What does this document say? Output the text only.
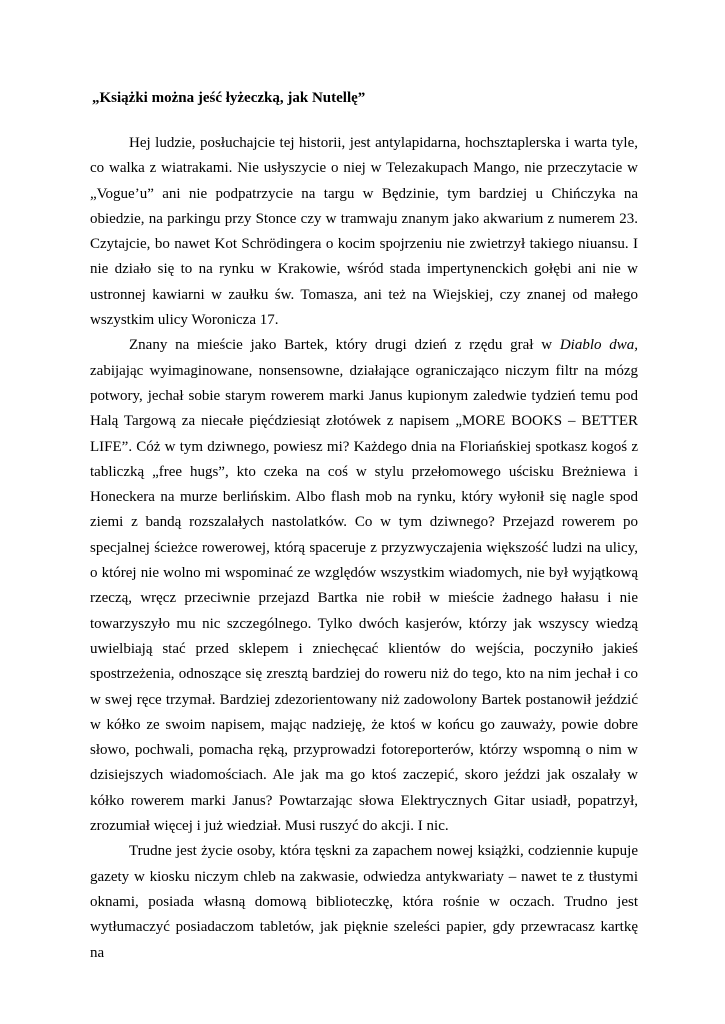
„Książki można jeść łyżeczką, jak Nutellę”

Hej ludzie, posłuchajcie tej historii, jest antylapidarna, hochsztaplerska i warta tyle, co walka z wiatrakami. Nie usłyszycie o niej w Telezakupach Mango, nie przeczytacie w „Vogue’u” ani nie podpatrzycie na targu w Będzinie, tym bardziej u Chińczyka na obiedzie, na parkingu przy Stonce czy w tramwaju znanym jako akwarium z numerem 23. Czytajcie, bo nawet Kot Schrödingera o kocim spojrzeniu nie zwietrzył takiego niuansu. I nie działo się to na rynku w Krakowie, wśród stada impertynenckich gołębi ani nie w ustronnej kawiarni w zaułku św. Tomasza, ani też na Wiejskiej, czy znanej od małego wszystkim ulicy Woronicza 17.

Znany na mieście jako Bartek, który drugi dzień z rzędu grał w Diablo dwa, zabijając wyimaginowane, nonsensowne, działające ograniczająco niczym filtr na mózg potwory, jechał sobie starym rowerem marki Janus kupionym zaledwie tydzień temu pod Halą Targową za niecałe pięćdziesiąt złotówek z napisem „MORE BOOKS – BETTER LIFE”. Cóż w tym dziwnego, powiesz mi? Każdego dnia na Floriańskiej spotkasz kogoś z tabliczką „free hugs”, kto czeka na coś w stylu przełomowego uścisku Breżniewa i Honeckera na murze berlińskim. Albo flash mob na rynku, który wyłonił się nagle spod ziemi z bandą rozszalałych nastolatków. Co w tym dziwnego? Przejazd rowerem po specjalnej ścieżce rowerowej, którą spaceruje z przyzwyczajenia większość ludzi na ulicy, o której nie wolno mi wspominać ze względów wszystkim wiadomych, nie był wyjątkową rzeczą, wręcz przeciwnie przejazd Bartka nie robił w mieście żadnego hałasu i nie towarzyszyło mu nic szczególnego. Tylko dwóch kasjerów, którzy jak wszyscy wiedzą uwielbiają stać przed sklepem i zniechęcać klientów do wejścia, poczyniło jakieś spostrzeżenia, odnoszące się zresztą bardziej do roweru niż do tego, kto na nim jechał i co w swej ręce trzymał. Bardziej zdezorientowany niż zadowolony Bartek postanowił jeździć w kółko ze swoim napisem, mając nadzieję, że ktoś w końcu go zauważy, powie dobre słowo, pochwali, pomacha ręką, przyprowadzi fotoreporterów, którzy wspomną o nim w dzisiejszych wiadomościach. Ale jak ma go ktoś zaczepić, skoro jeździ jak oszalały w kółko rowerem marki Janus? Powtarzając słowa Elektrycznych Gitar usiadł, popatrzył, zrozumiał więcej i już wiedział. Musi ruszyć do akcji. I nic.

Trudne jest życie osoby, która tęskni za zapachem nowej książki, codziennie kupuje gazety w kiosku niczym chleb na zakwasie, odwiedza antykwariaty – nawet te z tłustymi oknami, posiada własną domową biblioteczkę, która rośnie w oczach. Trudno jest wytłumaczyć posiadaczom tabletów, jak pięknie szeleści papier, gdy przewracasz kartkę na
